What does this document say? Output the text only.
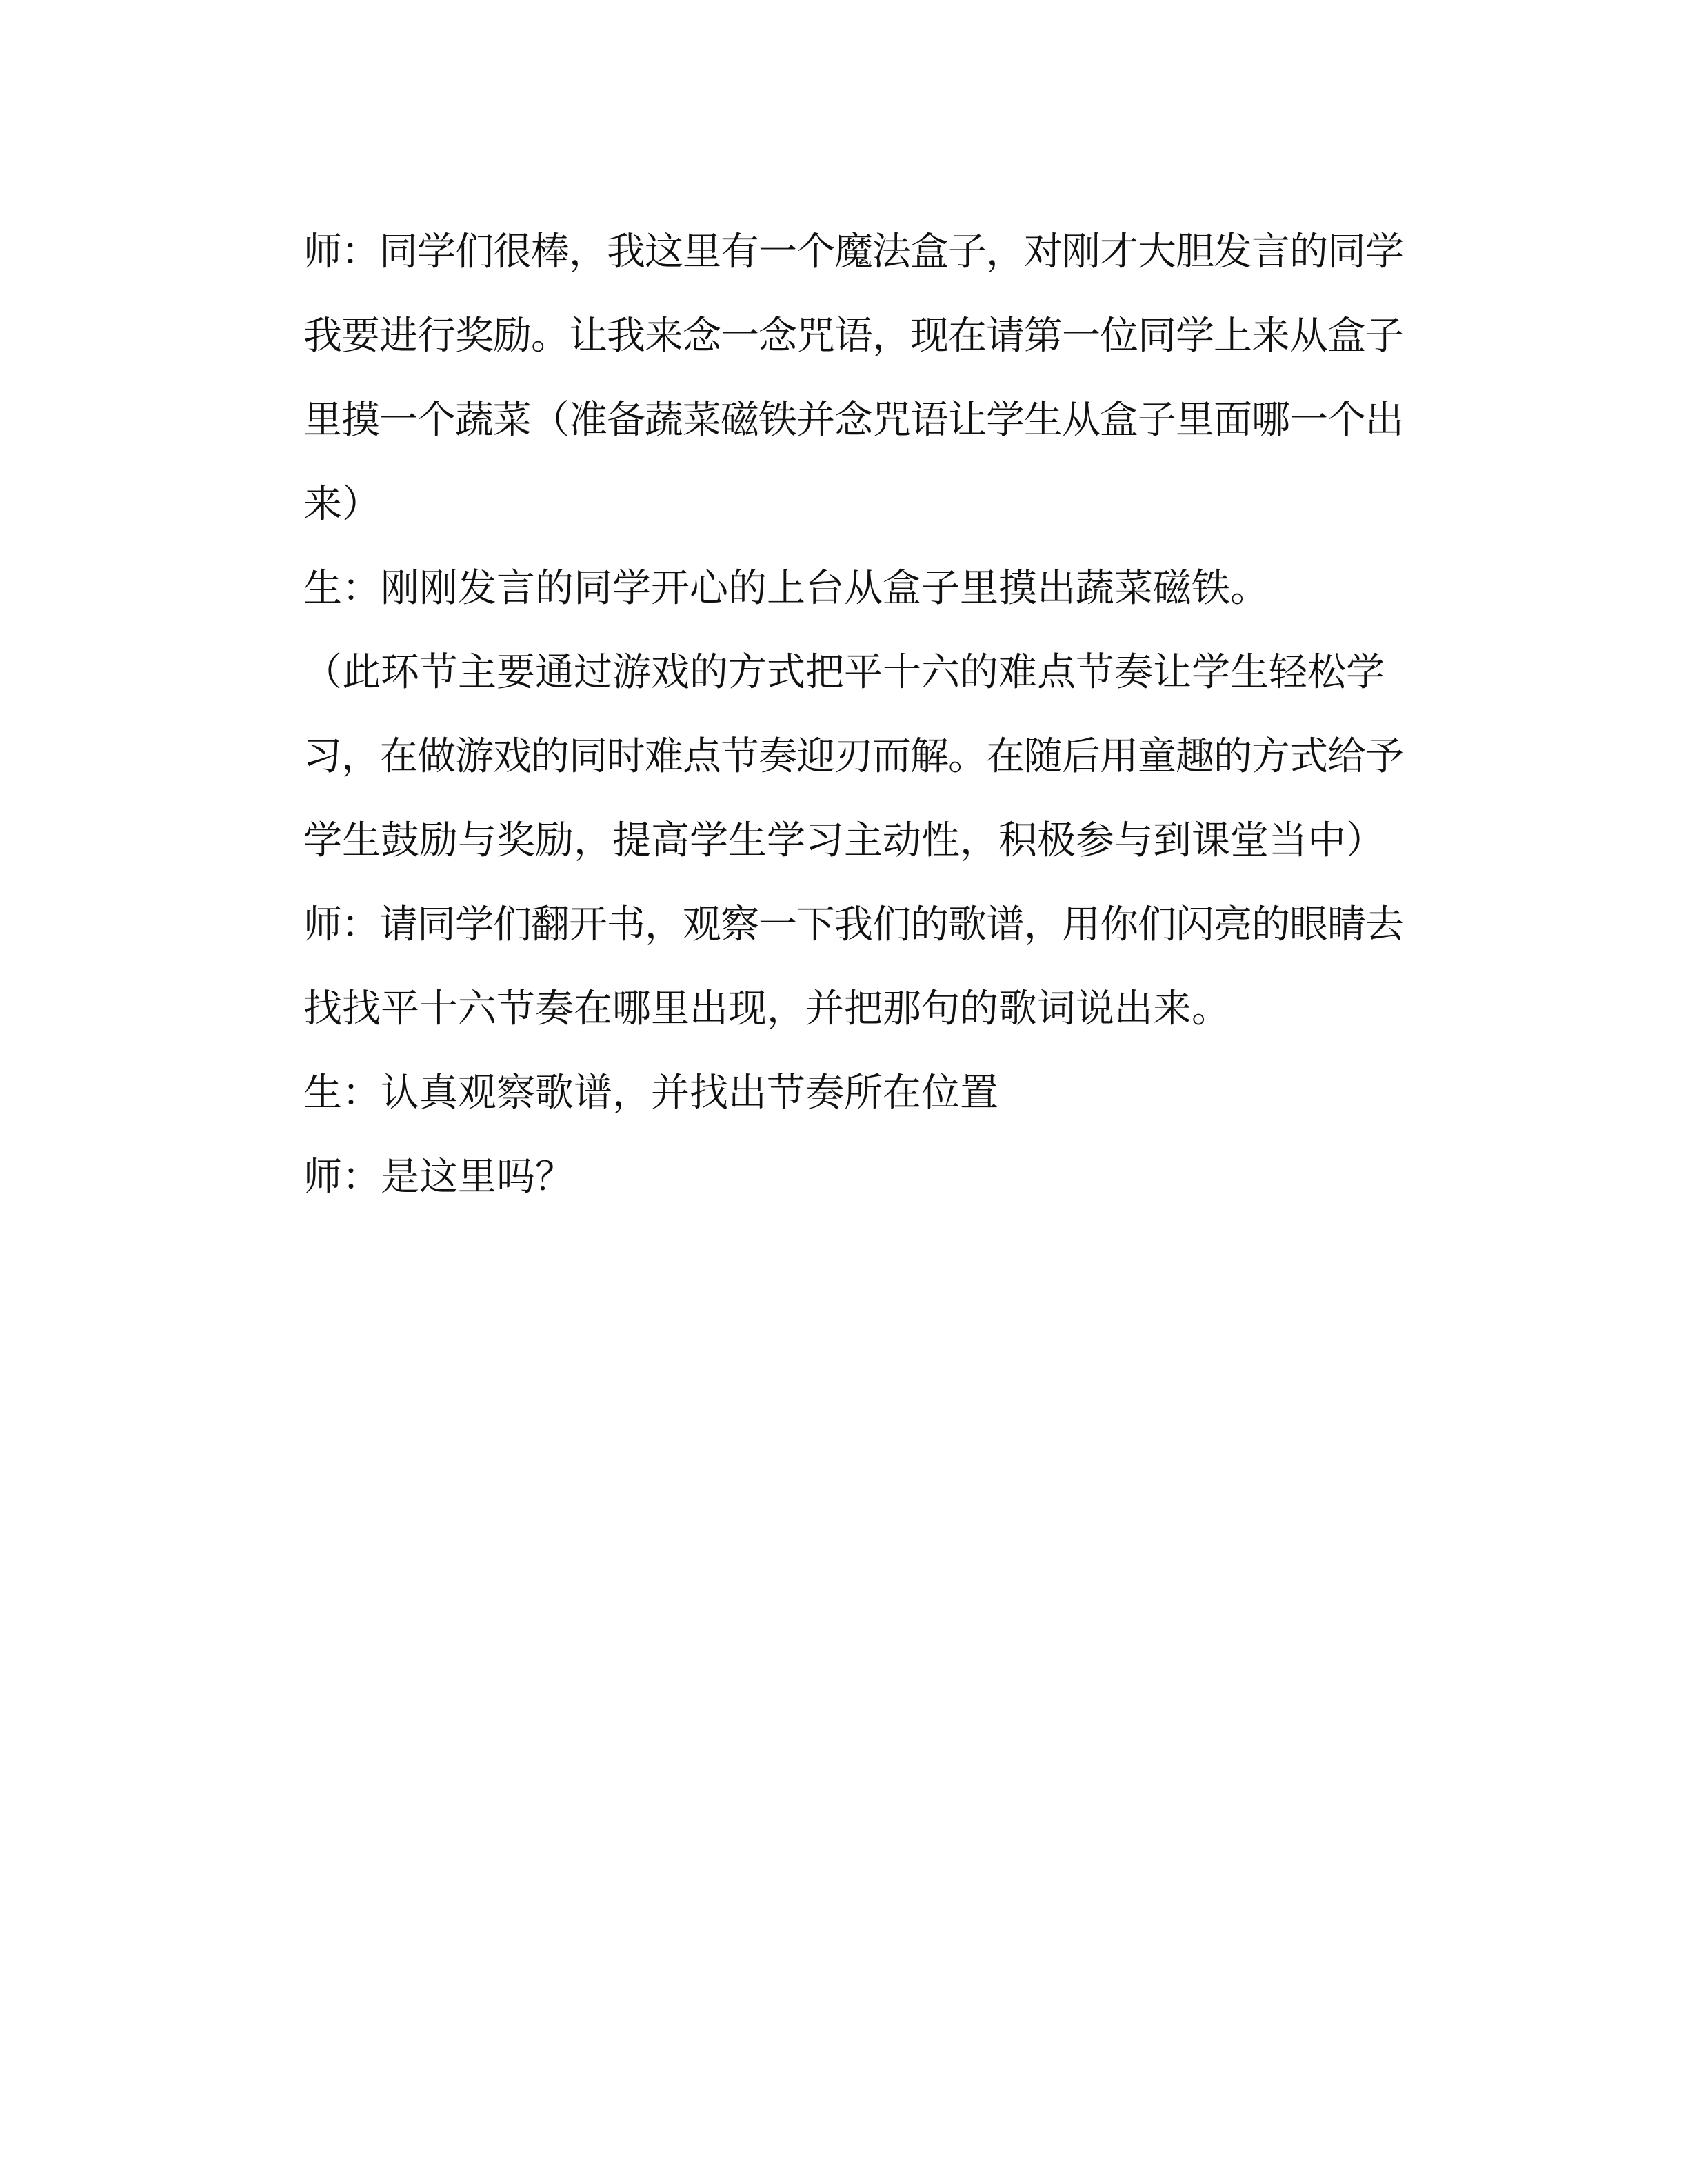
师：同学们很棒，我这里有一个魔法盒子，对刚才大胆发言的同学
我要进行奖励。让我来念一念咒语，现在请第一位同学上来从盒子
里摸一个蔬菜（准备蔬菜磁铁并念咒语让学生从盒子里面哪一个出
来）
生：刚刚发言的同学开心的上台从盒子里摸出蔬菜磁铁。
（此环节主要通过游戏的方式把平十六的难点节奏让学生轻松学
习，在做游戏的同时难点节奏迎刃而解。在随后用童趣的方式给予
学生鼓励与奖励，提高学生学习主动性，积极参与到课堂当中）
师：请同学们翻开书，观察一下我们的歌谱，用你们闪亮的眼睛去
找找平十六节奏在哪里出现，并把那句的歌词说出来。
生：认真观察歌谱，并找出节奏所在位置
师：是这里吗？
